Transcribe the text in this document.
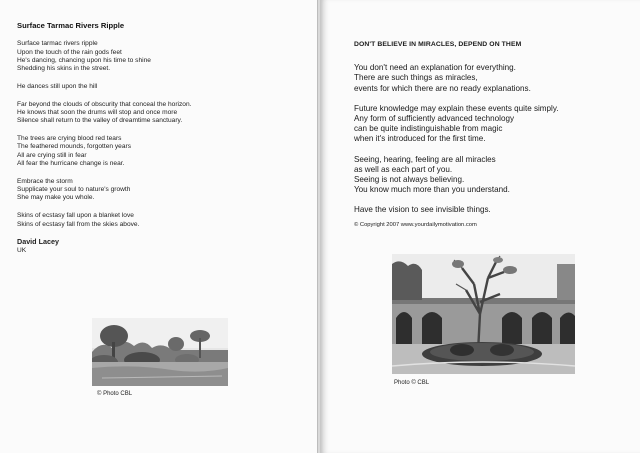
Surface Tarmac Rivers Ripple
Surface tarmac rivers ripple
Upon the touch of the rain gods feet
He's dancing, chancing upon his time to shine
Shedding his skins in the street.
He dances still upon the hill
Far beyond the clouds of obscurity that conceal the horizon.
He knows that soon the drums will stop and once more
Silence shall return to the valley of dreamtime sanctuary.
The trees are crying blood red tears
The feathered mounds, forgotten years
All are crying still in fear
All fear the hurricane change is near.
Embrace the storm
Supplicate your soul to nature's growth
She may make you whole.
Skins of ecstasy fall upon a blanket love
Skins of ecstasy fall from the skies above.
David Lacey
UK
© Photo CBL
DON'T BELIEVE IN MIRACLES, DEPEND ON THEM
You don't need an explanation for everything.
There are such things as miracles,
events for which there are no ready explanations.
Future knowledge may explain these events quite simply.
Any form of sufficiently advanced technology
can be quite indistinguishable from magic
when it's introduced for the first time.
Seeing, hearing, feeling are all miracles
as well as each part of you.
Seeing is not always believing.
You know much more than you understand.
Have the vision to see invisible things.
© Copyright 2007 www.yourdailymotivation.com
Photo © CBL
